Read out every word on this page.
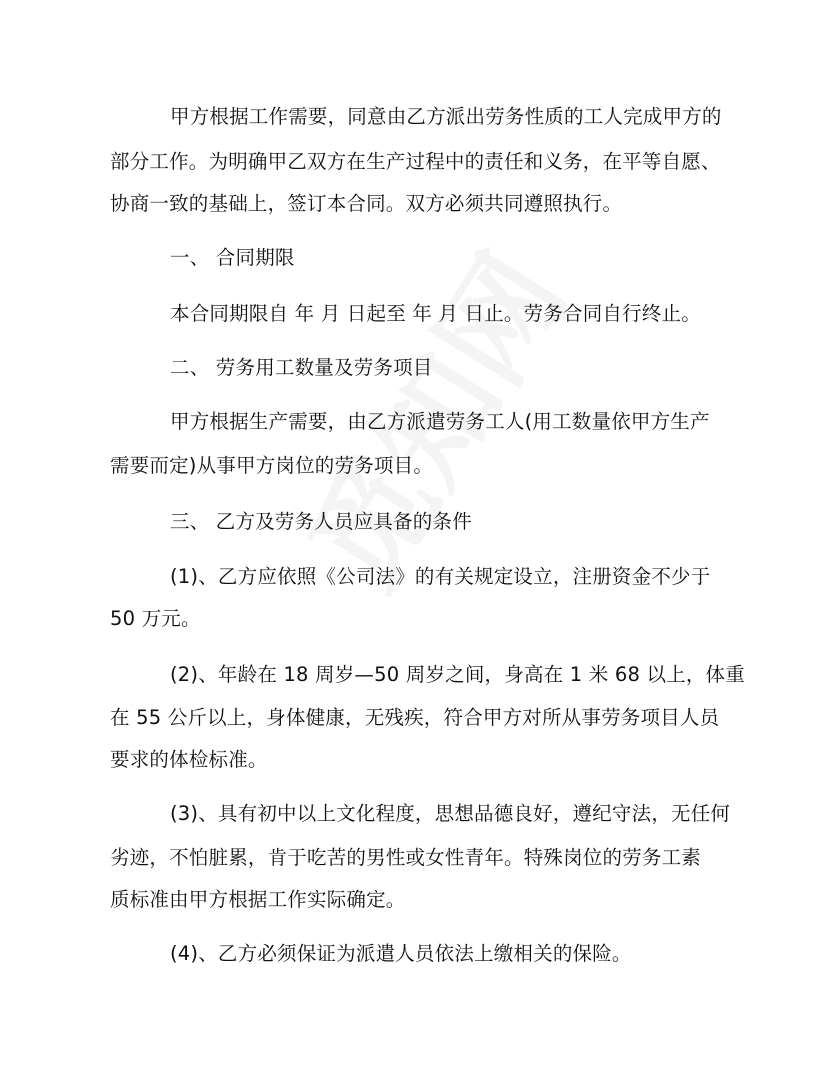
甲方根据工作需要，同意由乙方派出劳务性质的工人完成甲方的
部分工作。为明确甲乙双方在生产过程中的责任和义务，在平等自愿、
协商一致的基础上，签订本合同。双方必须共同遵照执行。
一、 合同期限
本合同期限自 年 月 日起至 年 月 日止。劳务合同自行终止。
二、 劳务用工数量及劳务项目
甲方根据生产需要，由乙方派遣劳务工人(用工数量依甲方生产
需要而定)从事甲方岗位的劳务项目。
三、 乙方及劳务人员应具备的条件
(1)、乙方应依照《公司法》的有关规定设立，注册资金不少于
50 万元。
(2)、年龄在 18 周岁—50 周岁之间，身高在 1 米 68 以上，体重
在 55 公斤以上，身体健康，无残疾，符合甲方对所从事劳务项目人员
要求的体检标准。
(3)、具有初中以上文化程度，思想品德良好，遵纪守法，无任何
劣迹，不怕脏累，肯于吃苦的男性或女性青年。特殊岗位的劳务工素
质标准由甲方根据工作实际确定。
(4)、乙方必须保证为派遣人员依法上缴相关的保险。
